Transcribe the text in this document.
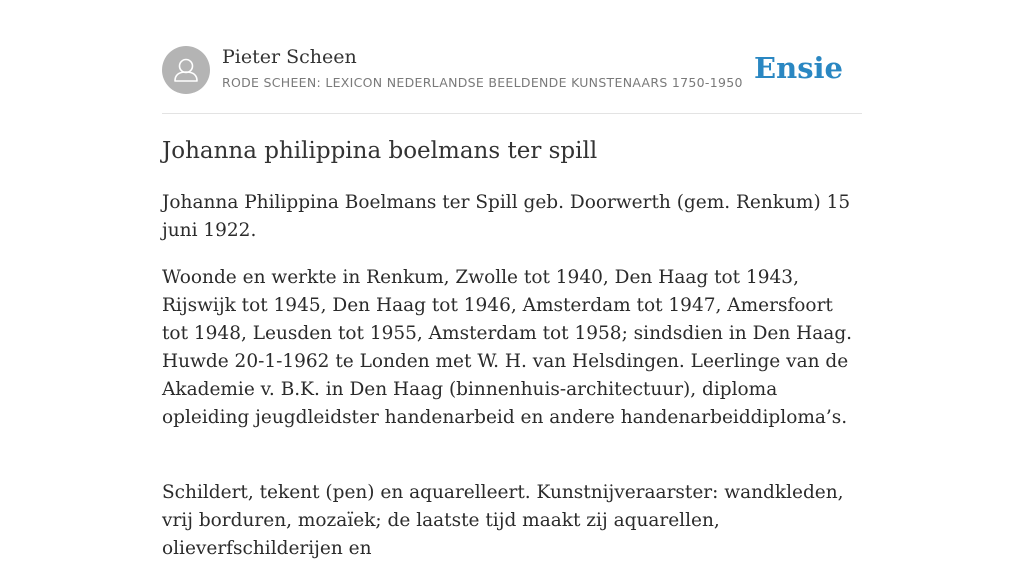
Pieter Scheen
RODE SCHEEN: LEXICON NEDERLANDSE BEELDENDE KUNSTENAARS 1750-1950 Ensie
Johanna philippina boelmans ter spill

Johanna Philippina Boelmans ter Spill geb. Doorwerth (gem. Renkum) 15 juni 1922.

Woonde en werkte in Renkum, Zwolle tot 1940, Den Haag tot 1943, Rijswijk tot 1945, Den Haag tot 1946, Amsterdam tot 1947, Amersfoort tot 1948, Leusden tot 1955, Amsterdam tot 1958; sindsdien in Den Haag. Huwde 20-1-1962 te Londen met W. H. van Helsdingen. Leerlinge van de Akademie v. B.K. in Den Haag (binnenhuis-architectuur), diploma opleiding jeugdleidster handenarbeid en andere handenarbeiddiploma’s.

Schildert, tekent (pen) en aquarelleert. Kunstnijveraarster: wandkleden, vrij borduren, mozaïek; de laatste tijd maakt zij aquarellen, olieverfschilderijen en
